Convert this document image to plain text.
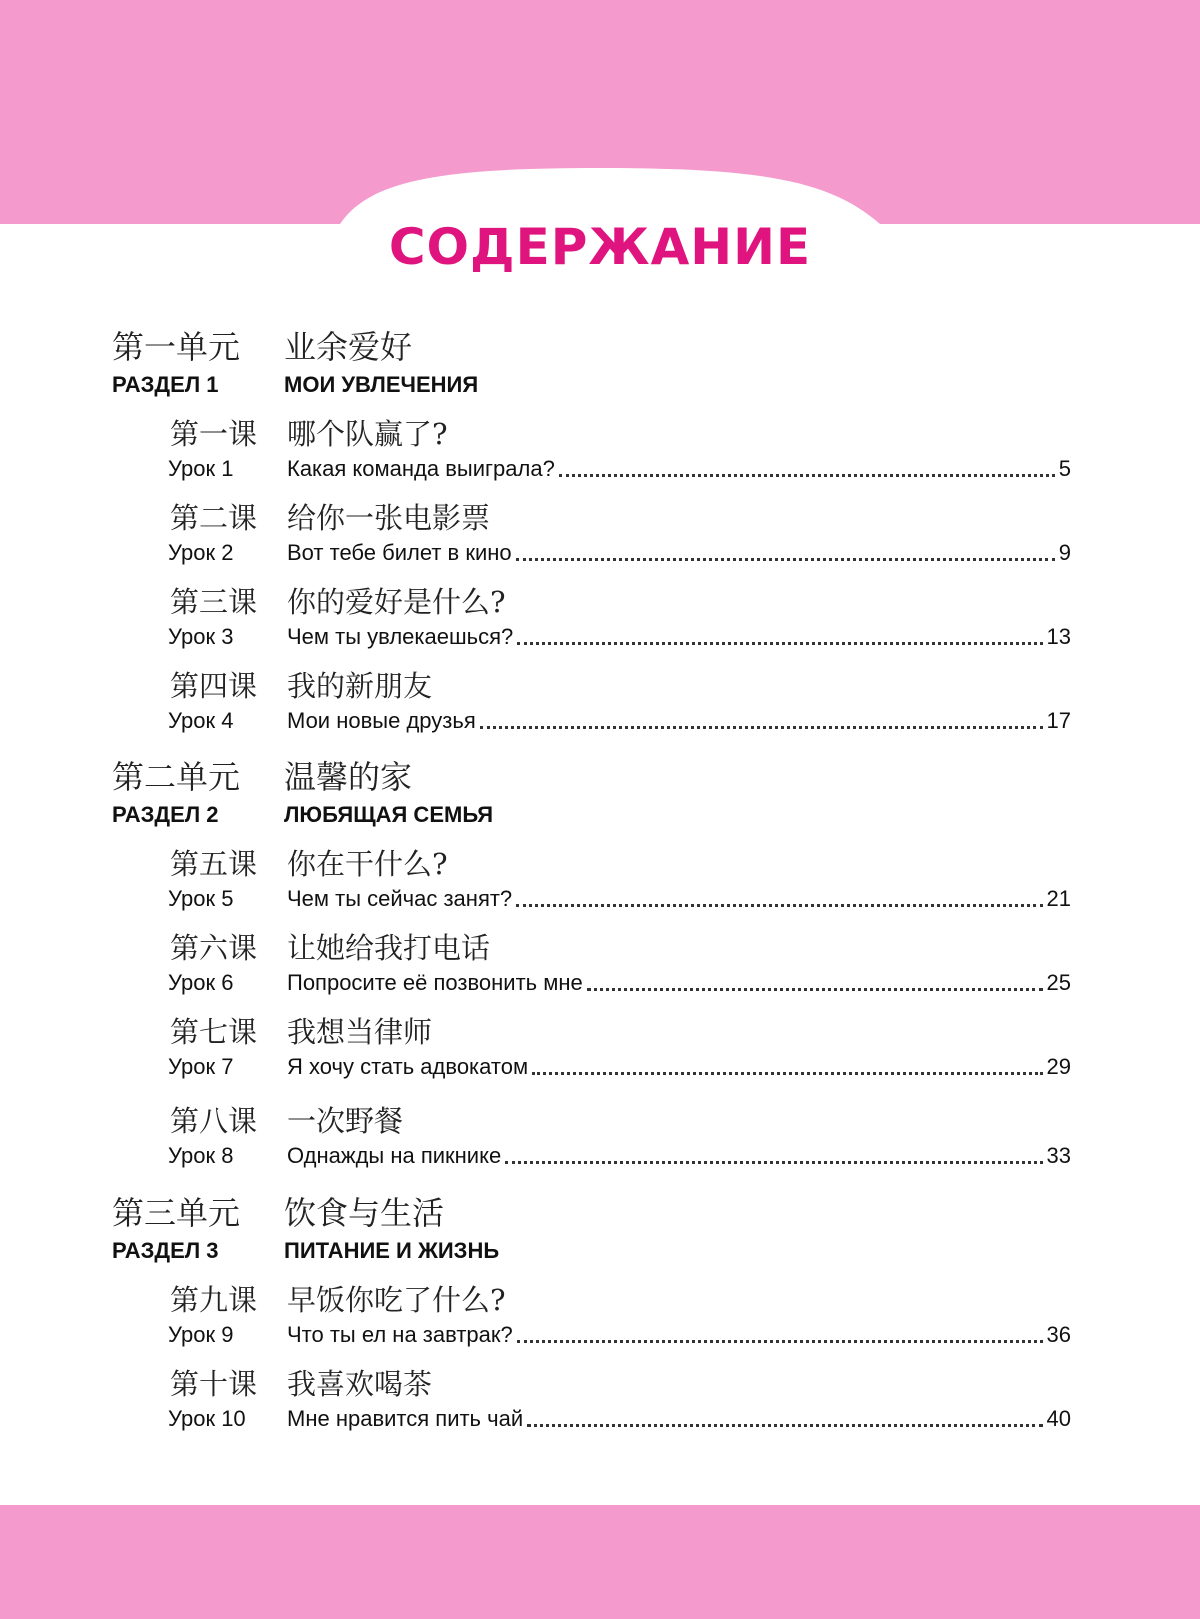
СОДЕРЖАНИЕ
第一单元 业余爱好
РАЗДЕЛ 1	МОИ УВЛЕЧЕНИЯ
第一课 哪个队赢了?
Урок 1 Какая команда выиграла?	5
第二课 给你一张电影票
Урок 2 Вот тебе билет в кино	9
第三课 你的爱好是什么?
Урок 3 Чем ты увлекаешься?	13
第四课 我的新朋友
Урок 4 Мои новые друзья	17
第二单元 温馨的家
РАЗДЕЛ 2	ЛЮБЯЩАЯ СЕМЬЯ
第五课 你在干什么?
Урок 5 Чем ты сейчас занят?	21
第六课 让她给我打电话
Урок 6 Попросите её позвонить мне	25
第七课 我想当律师
Урок 7 Я хочу стать адвокатом	29
第八课 一次野餐
Урок 8 Однажды на пикнике	33
第三单元 饮食与生活
РАЗДЕЛ 3	ПИТАНИЕ И ЖИЗНЬ
第九课 早饭你吃了什么?
Урок 9 Что ты ел на завтрак?	36
第十课 我喜欢喝茶
Урок 10 Мне нравится пить чай	40
